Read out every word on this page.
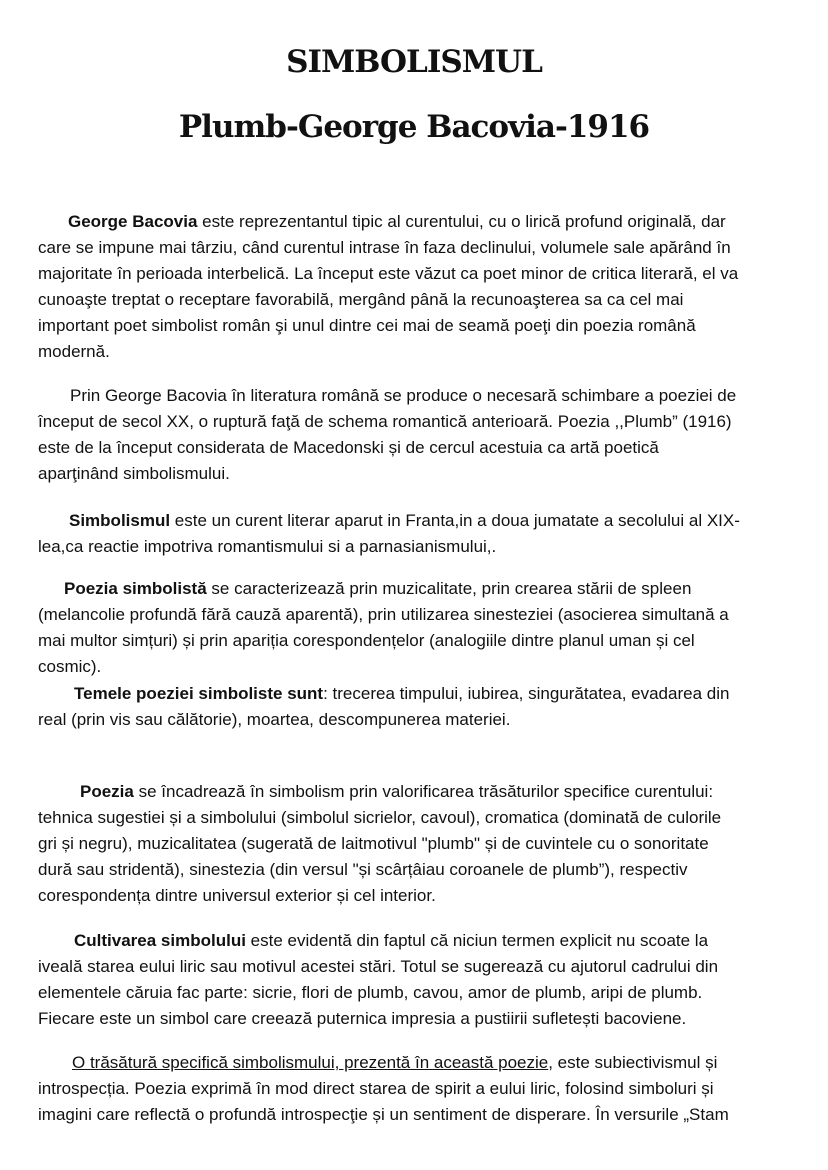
SIMBOLISMUL
Plumb-George Bacovia-1916
George Bacovia este reprezentantul tipic al curentului, cu o lirică profund originală, dar
care se impune mai târziu, când curentul intrase în faza declinului, volumele sale apărând în
majoritate în perioada interbelică. La început este văzut ca poet minor de critica literară, el va
cunoaşte treptat o receptare favorabilă, mergând până la recunoaşterea sa ca cel mai
important poet simbolist român şi unul dintre cei mai de seamă poeţi din poezia română
modernă.
Prin George Bacovia în literatura română se produce o necesară schimbare a poeziei de
început de secol XX, o ruptură faţă de schema romantică anterioară. Poezia ,,Plumb” (1916)
este de la început considerata de Macedonski și de cercul acestuia ca artă poetică
aparţinând simbolismului.
Simbolismul este un curent literar aparut in Franta,in a doua jumatate a secolului al XIX-
lea,ca reactie impotriva romantismului si a parnasianismului,.
Poezia simbolistă se caracterizează prin muzicalitate, prin crearea stării de spleen
(melancolie profundă fără cauză aparentă), prin utilizarea sinesteziei (asocierea simultană a
mai multor simțuri) și prin apariția corespondențelor (analogiile dintre planul uman și cel
cosmic).
Temele poeziei simboliste sunt: trecerea timpului, iubirea, singurătatea, evadarea din
real (prin vis sau călătorie), moartea, descompunerea materiei.
Poezia se încadrează în simbolism prin valorificarea trăsăturilor specifice curentului:
tehnica sugestiei și a simbolului (simbolul sicrielor, cavoul), cromatica (dominată de culorile
gri și negru), muzicalitatea (sugerată de laitmotivul "plumb" și de cuvintele cu o sonoritate
dură sau stridentă), sinestezia (din versul "și scârțâiau coroanele de plumb”), respectiv
corespondența dintre universul exterior și cel interior.
Cultivarea simbolului este evidentă din faptul că niciun termen explicit nu scoate la
iveală starea eului liric sau motivul acestei stări. Totul se sugerează cu ajutorul cadrului din
elementele căruia fac parte: sicrie, flori de plumb, cavou, amor de plumb, aripi de plumb.
Fiecare este un simbol care creează puternica impresia a pustiirii sufletești bacoviene.
O trăsătură specifică simbolismului, prezentă în această poezie, este subiectivismul și
introspecția. Poezia exprimă în mod direct starea de spirit a eului liric, folosind simboluri și
imagini care reflectă o profundă introspecţie și un sentiment de disperare. În versurile „Stam
